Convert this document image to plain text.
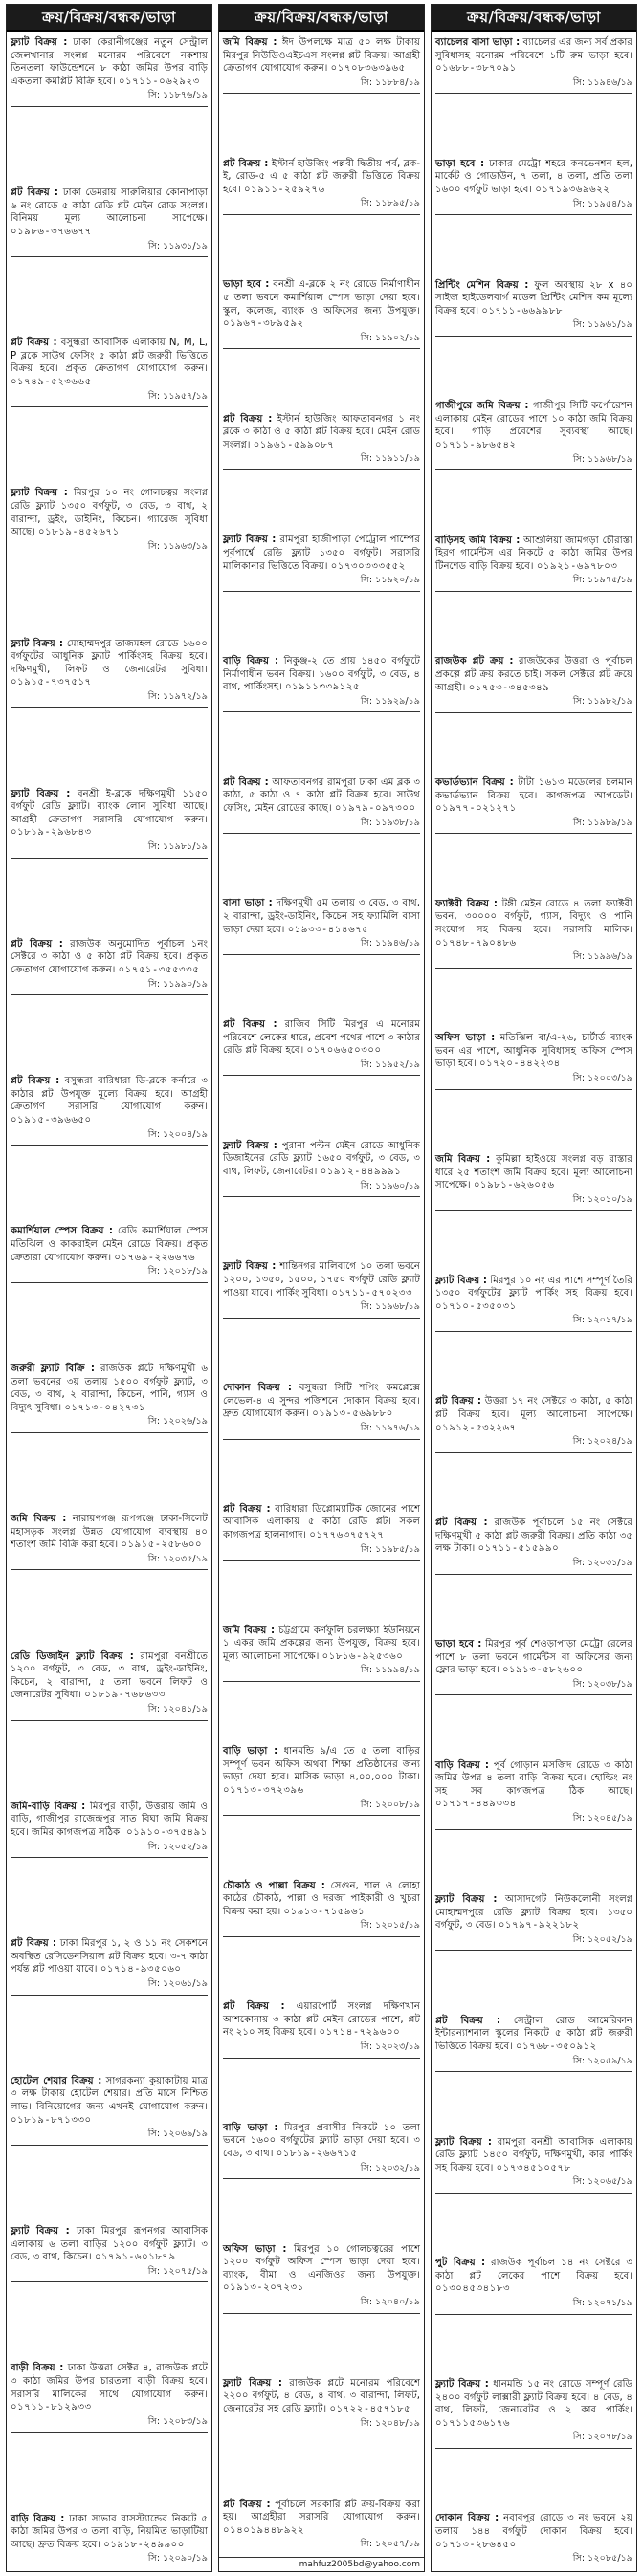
ক্রয়/বিক্রয়/বন্ধক/ভাড়া
ফ্ল্যাট বিক্রয় : ঢাকা কেরানীগঞ্জের নতুন সেন্ট্রাল জেলখানার সংলগ্ন মনোরম পরিবেশে নকশায় তিনতলা ফাউন্ডেশনে ৮ কাঠা জমির উপর বাড়ি একতলা কমপ্লিট বিক্রি হবে। ০১৭১১-০৬২৯২৩
সি: ১১৮৭৬/১৯
প্লট বিক্রয় : ঢাকা ডেমরায় সারুলিয়ার কোনাপাড়া ৬ নং রোডে ৫ কাঠা রেডি প্লট মেইন রোড সংলগ্ন। বিনিময় মূল্য আলোচনা সাপেক্ষে। ০১৯৮৬-৩৭৬৬৭৭
সি: ১১৯৩১/১৯
প্লট বিক্রয় : বসুন্ধরা আবাসিক এলাকায় N, M, L, P ব্লকে সাউথ ফেসিং ৫ কাঠা প্লট জরুরী ভিত্তিতে বিক্রয় হবে। প্রকৃত ক্রেতাগণ যোগাযোগ করুন। ০১৭৪৯-৫২৩৬৬৫
সি: ১১৯৫৭/১৯
ফ্ল্যাট বিক্রয় : মিরপুর ১০ নং গোলচত্বর সংলগ্ন রেডি ফ্ল্যাট ১৩৫০ বর্গফুট, ৩ বেড, ৩ বাথ, ২ বারান্দা, ড্রইং, ডাইনিং, কিচেন। গ্যারেজ সুবিধা আছে। ০১৮১৯-৪৫২৬৭১
সি: ১১৯৬৩/১৯
ফ্ল্যাট বিক্রয় : মোহাম্মদপুর তাজমহল রোডে ১৬০০ বর্গফুটের আধুনিক ফ্ল্যাট পার্কিংসহ বিক্রয় হবে। দক্ষিণমুখী, লিফট ও জেনারেটর সুবিধা। ০১৯১৫-৭৩৭৫১৭
সি: ১১৯৭২/১৯
ফ্ল্যাট বিক্রয় : বনশ্রী ই-ব্লকে দক্ষিণমুখী ১১৫০ বর্গফুট রেডি ফ্ল্যাট। ব্যাংক লোন সুবিধা আছে। আগ্রহী ক্রেতাগণ সরাসরি যোগাযোগ করুন। ০১৮১৯-২৯৬৮৪৩
সি: ১১৯৮১/১৯
প্লট বিক্রয় : রাজউক অনুমোদিত পূর্বাচল ১নং সেক্টরে ৩ কাঠা ও ৫ কাঠা প্লট বিক্রয় হবে। প্রকৃত ক্রেতাগণ যোগাযোগ করুন। ০১৭৫১-৩৫৫৩৩৫
সি: ১১৯৯০/১৯
প্লট বিক্রয় : বসুন্ধরা বারিধারা ডি-ব্লকে কর্নারে ৩ কাঠার প্লট উপযুক্ত মূল্যে বিক্রয় হবে। আগ্রহী ক্রেতাগণ সরাসরি যোগাযোগ করুন। ০১৯১৫-৩৯৬৬৫০
সি: ১২০০৪/১৯
কমার্শিয়াল স্পেস বিক্রয় : রেডি কমার্শিয়াল স্পেস মতিঝিল ও কাকরাইল মেইন রোডে বিক্রয়। প্রকৃত ক্রেতারা যোগাযোগ করুন। ০১৭৬৯-২২৬৬৭৬
সি: ১২০১৮/১৯
জরুরী ফ্ল্যাট বিক্রি : রাজউক প্লটে দক্ষিণমুখী ৬ তলা ভবনের ৩য় তলায় ১৫০০ বর্গফুট ফ্ল্যাট, ৩ বেড, ৩ বাথ, ২ বারান্দা, কিচেন, পানি, গ্যাস ও বিদ্যুৎ সুবিধা। ০১৭১৩-০৪২৭৩১
সি: ১২০২৬/১৯
জমি বিক্রয় : নারায়ণগঞ্জ রূপগঞ্জে ঢাকা-সিলেট মহাসড়ক সংলগ্ন উন্নত যোগাযোগ ব্যবস্থায় ৪০ শতাংশ জমি বিক্রি করা হবে। ০১৯১৫-২৫৮৬০০
সি: ১২০৩৫/১৯
রেডি ডিজাইন ফ্ল্যাট বিক্রয় : রামপুরা বনশ্রীতে ১২০০ বর্গফুট, ৩ বেড, ৩ বাথ, ড্রইং-ডাইনিং, কিচেন, ২ বারান্দা, ৫ তলা ভবনে লিফট ও জেনারেটর সুবিধা। ০১৮১৯-৭৬৮৬৩৩
সি: ১২০৪১/১৯
জমি-বাড়ি বিক্রয় : মিরপুর বাড়ী, উত্তরায় জমি ও বাড়ি, গাজীপুর রাজেন্দ্রপুর সাত বিঘা জমি বিক্রয় হবে। জমির কাগজপত্র সঠিক। ০১৯১০-৩৭৫৪৯১
সি: ১২০৫২/১৯
প্লট বিক্রয় : ঢাকা মিরপুর ১, ২ ও ১১ নং সেকশনে অবস্থিত রেসিডেনসিয়াল প্লট বিক্রয় হবে। ৩-৭ কাঠা পর্যন্ত প্লট পাওয়া যাবে। ০১৭১৪-৯৩৫০৬০
সি: ১২০৬১/১৯
হোটেল শেয়ার বিক্রয় : সাগরকন্যা কুয়াকাটায় মাত্র ৩ লক্ষ টাকায় হোটেল শেয়ার। প্রতি মাসে নিশ্চিত লাভ। বিনিয়োগের জন্য এখনই যোগাযোগ করুন। ০১৮১৯-৮৭১৩৩০
সি: ১২০৬৯/১৯
ফ্ল্যাট বিক্রয় : ঢাকা মিরপুর রূপনগর আবাসিক এলাকায় ৬ তলা বাড়ির ১২০০ বর্গফুট ফ্ল্যাট। ৩ বেড, ৩ বাথ, কিচেন। ০১৭৯১-৬০১৮৭৯
সি: ১২০৭৫/১৯
বাড়ী বিক্রয় : ঢাকা উত্তরা সেক্টর ৪, রাজউক প্লটে ৩ কাঠা জমির উপর চারতলা বাড়ী বিক্রয় হবে। সরাসরি মালিকের সাথে যোগাযোগ করুন। ০১৭১১-৮১২৯৩৩
সি: ১২০৮৩/১৯
বাড়ি বিক্রয় : ঢাকা সাভার বাসস্ট্যান্ডের নিকটে ৫ কাঠা জমির উপর ৩ তলা বাড়ি, নিয়মিত ভাড়াটিয়া আছে। দ্রুত বিক্রয় হবে। ০১৯১৮-২৪৯৯০০
সি: ১২০৯০/১৯
ক্রয়/বিক্রয়/বন্ধক/ভাড়া
জমি বিক্রয় : ঈদ উপলক্ষে মাত্র ৫০ লক্ষ টাকায় মিরপুর নিউডিওএইচএস সংলগ্ন প্লট বিক্রয়। আগ্রহী ক্রেতাগণ যোগাযোগ করুন। ০১৭০৮৩৬৩৯৬৫
সি: ১১৮৮৪/১৯
প্লট বিক্রয় : ইস্টার্ন হাউজিং পল্লবী দ্বিতীয় পর্ব, ব্লক-ই, রোড-৫ এ ৫ কাঠা প্লট জরুরী ভিত্তিতে বিক্রয় হবে। ০১৯১১-২৫৯২৭৬
সি: ১১৮৯৫/১৯
ভাড়া হবে : বনশ্রী এ-ব্লকে ২ নং রোডে নির্মাণাধীন ৫ তলা ভবনে কমার্শিয়াল স্পেস ভাড়া দেয়া হবে। স্কুল, কলেজ, ব্যাংক ও অফিসের জন্য উপযুক্ত। ০১৯৬৭-৩৮৯৫৯২
সি: ১১৯০২/১৯
প্লট বিক্রয় : ইস্টার্ন হাউজিং আফতাবনগর ১ নং ব্লকে ৩ কাঠা ও ৫ কাঠা প্লট বিক্রয় হবে। মেইন রোড সংলগ্ন। ০১৯৬১-৫৯৯০৮৭
সি: ১১৯১১/১৯
ফ্ল্যাট বিক্রয় : রামপুরা হাজীপাড়া পেট্রোল পাম্পের পূর্বপার্শ্বে রেডি ফ্ল্যাট ১৩৫০ বর্গফুট। সরাসরি মালিকানার ভিত্তিতে বিক্রয়। ০১৭৩০৩৩৩৫৫২
সি: ১১৯২০/১৯
বাড়ি বিক্রয় : নিকুঞ্জ-২ তে প্রায় ১৪৫০ বর্গফুটে নির্মাণাধীন ভবন বিক্রয়। ১৬০০ বর্গফুট, ৩ বেড, ৪ বাথ, পার্কিংসহ। ০১৯১১৩৩৯১২৫
সি: ১১৯২৯/১৯
প্লট বিক্রয় : আফতাবনগর রামপুরা ঢাকা এম ব্লক ৩ কাঠা, ৫ কাঠা ও ৭ কাঠা প্লট বিক্রয় হবে। সাউথ ফেসিং, মেইন রোডের কাছে। ০১৯৭৯-০৯৭৩০০
সি: ১১৯৩৮/১৯
বাসা ভাড়া : দক্ষিণমুখী ৫ম তলায় ৩ বেড, ৩ বাথ, ২ বারান্দা, ড্রইং-ডাইনিং, কিচেন সহ ফ্যামিলি বাসা ভাড়া দেয়া হবে। ০১৯৩৩-৪১৪৬৭৫
সি: ১১৯৪৬/১৯
প্লট বিক্রয় : রাজিব সিটি মিরপুর এ মনোরম পরিবেশে লেকের ধারে, প্রবেশ পথের পাশে ৩ কাঠার রেডি প্লট বিক্রয় হবে। ০১৭০৬৬৫০৩০০
সি: ১১৯৫২/১৯
ফ্ল্যাট বিক্রয় : পুরানা পল্টন মেইন রোডে আধুনিক ডিজাইনের রেডি ফ্ল্যাট ১৬৫০ বর্গফুট, ৩ বেড, ৩ বাথ, লিফট, জেনারেটর। ০১৯১২-৪৪৯৯৯১
সি: ১১৯৬০/১৯
ফ্ল্যাট বিক্রয় : শান্তিনগর মালিবাগে ১০ তলা ভবনে ১২০০, ১৩৫০, ১৫০০, ১৭৫০ বর্গফুট রেডি ফ্ল্যাট পাওয়া যাবে। পার্কিং সুবিধা। ০১৭১১-৫৭০২৩৩
সি: ১১৯৬৮/১৯
দোকান বিক্রয় : বসুন্ধরা সিটি শপিং কমপ্লেক্সে লেভেল-৪ এ সুন্দর পজিশনে দোকান বিক্রয় হবে। দ্রুত যোগাযোগ করুন। ০১৯১৩-৫৬৯৮৮০
সি: ১১৯৭৬/১৯
প্লট বিক্রয় : বারিধারা ডিপ্লোম্যাটিক জোনের পাশে আবাসিক এলাকায় ৫ কাঠা রেডি প্লট। সকল কাগজপত্র হালনাগাদ। ০১৭৭৬৩৭৫৭২৭
সি: ১১৯৮৫/১৯
জমি বিক্রয় : চট্টগ্রামে কর্ণফুলি চরলক্ষ্যা ইউনিয়নে ১ একর জমি প্রকল্পের জন্য উপযুক্ত, বিক্রয় হবে। মূল্য আলোচনা সাপেক্ষে। ০১৮১৬-৯২৫৩৬০
সি: ১১৯৯৪/১৯
বাড়ি ভাড়া : ধানমন্ডি ৯/এ তে ৫ তলা বাড়ির সম্পূর্ণ ভবন অফিস অথবা শিক্ষা প্রতিষ্ঠানের জন্য ভাড়া দেয়া হবে। মাসিক ভাড়া ৪,০০,০০০ টাকা। ০১৭১৩-৩৭২৩৯৬
সি: ১২০০৮/১৯
চৌকাঠ ও পাল্লা বিক্রয় : সেগুন, শাল ও লোহা কাঠের চৌকাঠ, পাল্লা ও দরজা পাইকারী ও খুচরা বিক্রয় করা হয়। ০১৯১৩-৭১৫৯৬১
সি: ১২০১৫/১৯
প্লট বিক্রয় : এয়ারপোর্ট সংলগ্ন দক্ষিণখান আশকোনায় ৩ কাঠা প্লট মেইন রোডের পাশে, প্লট নং ২১০ সহ বিক্রয় হবে। ০১৭১৪-৭২৯৬০০
সি: ১২০২৩/১৯
বাড়ি ভাড়া : মিরপুর প্রবাসীর নিকটে ১০ তলা ভবনে ১৬০০ বর্গফুটের ফ্ল্যাট ভাড়া দেয়া হবে। ৩ বেড, ৩ বাথ। ০১৮১৯-২৬৬৭১৫
সি: ১২০৩২/১৯
অফিস ভাড়া : মিরপুর ১০ গোলচত্বরের পাশে ১২০০ বর্গফুট অফিস স্পেস ভাড়া দেয়া হবে। ব্যাংক, বীমা ও এনজিওর জন্য উপযুক্ত। ০১৯১৩-২০৭২৩১
সি: ১২০৪০/১৯
ফ্ল্যাট বিক্রয় : রাজউক প্লটে মনোরম পরিবেশে ২২০০ বর্গফুট, ৪ বেড, ৪ বাথ, ৩ বারান্দা, লিফট, জেনারেটর সহ রেডি ফ্ল্যাট। ০১৭২২-৪৫৭১৮৫
সি: ১২০৪৮/১৯
প্লট বিক্রয় : পূর্বাচলে সরকারি প্লট ক্রয়-বিক্রয় করা হয়। আগ্রহীরা সরাসরি যোগাযোগ করুন। ০১৪০১৯৪৪৮৯২২
সি: ১২০৫৭/১৯
mahfuz2005bd@yahoo.com
ক্রয়/বিক্রয়/বন্ধক/ভাড়া
ব্যাচেলর বাসা ভাড়া : ব্যাচেলর এর জন্য সর্ব প্রকার সুবিধাসহ মনোরম পরিবেশে ১টি রুম ভাড়া হবে। ০১৬৮৮-৩৮৭০৯১
সি: ১১৯৪৬/১৯
ভাড়া হবে : ঢাকার মেট্রো শহরে কনভেনশন হল, মার্কেট ও গোডাউন, ৭ তলা, ৪ তলা, প্রতি তলা ১৬০০ বর্গফুট ভাড়া হবে। ০১৭১৯৩৬৯৬২২
সি: ১১৯৫৪/১৯
প্রিন্টিং মেশিন বিক্রয় : ফুল অবস্থায় ২৮ x ৪০ সাইজ হাইডেলবার্গ মডেল প্রিন্টিং মেশিন কম মূল্যে বিক্রয় হবে। ০১৭১১-৬৬৯৯৮৮
সি: ১১৯৬১/১৯
গাজীপুরে জমি বিক্রয় : গাজীপুর সিটি কর্পোরেশন এলাকায় মেইন রোডের পাশে ১০ কাঠা জমি বিক্রয় হবে। গাড়ি প্রবেশের সুব্যবস্থা আছে। ০১৭১১-৯৮৬৫৪২
সি: ১১৯৬৮/১৯
বাড়িসহ জমি বিক্রয় : আশুলিয়া জামগড়া চৌরাস্তা হিরণ গার্মেন্টস এর নিকটে ৫ কাঠা জমির উপর টিনশেড বাড়ি বিক্রয় হবে। ০১৯২১-৬৯৭৮০৩
সি: ১১৯৭৫/১৯
রাজউক প্লট ক্রয় : রাজউকের উত্তরা ও পূর্বাচল প্রকল্পে প্লট ক্রয় করতে চাই। সকল সেক্টরে প্লট ক্রয়ে আগ্রহী। ০১৭৫৩-৩৪৫৩৪৯
সি: ১১৯৮২/১৯
কভার্ডভ্যান বিক্রয় : টাটা ১৬১৩ মডেলের চলমান কভার্ডভ্যান বিক্রয় হবে। কাগজপত্র আপডেট। ০১৯৭৭-০২১২৭১
সি: ১১৯৮৯/১৯
ফ্যাক্টরী বিক্রয় : টঙ্গী মেইন রোডে ৪ তলা ফ্যাক্টরী ভবন, ৩০০০০ বর্গফুট, গ্যাস, বিদ্যুৎ ও পানি সংযোগ সহ বিক্রয় হবে। সরাসরি মালিক। ০১৭৪৮-৭৯০৪৮৬
সি: ১১৯৯৬/১৯
অফিস ভাড়া : মতিঝিল বা/এ-২৬, চার্টার্ড ব্যাংক ভবন এর পাশে, আধুনিক সুবিধাসহ অফিস স্পেস ভাড়া হবে। ০১৭২০-৪৪২২৩৪
সি: ১২০০৩/১৯
জমি বিক্রয় : কুমিল্লা হাইওয়ে সংলগ্ন বড় রাস্তার ধারে ২৫ শতাংশ জমি বিক্রয় হবে। মূল্য আলোচনা সাপেক্ষে। ০১৯৮১-৬২৬০৫৬
সি: ১২০১০/১৯
ফ্ল্যাট বিক্রয় : মিরপুর ১০ নং এর পাশে সম্পূর্ণ তৈরি ১৩৫০ বর্গফুটের ফ্ল্যাট পার্কিং সহ বিক্রয় হবে। ০১৭১০-৫৩৫০৩১
সি: ১২০১৭/১৯
প্লট বিক্রয় : উত্তরা ১৭ নং সেক্টরে ৩ কাঠা, ৫ কাঠা প্লট বিক্রয় হবে। মূল্য আলোচনা সাপেক্ষে। ০১৯১২-৫৩২২৬৭
সি: ১২০২৪/১৯
প্লট বিক্রয় : রাজউক পূর্বাচলে ১৫ নং সেক্টরে দক্ষিণমুখী ৫ কাঠা প্লট জরুরী বিক্রয়। প্রতি কাঠা ৩৫ লক্ষ টাকা। ০১৭১১-৫১৫৯৯০
সি: ১২০৩১/১৯
ভাড়া হবে : মিরপুর পূর্ব শেওড়াপাড়া মেট্রো রেলের পাশে ৮ তলা ভবনে গার্মেন্টস বা অফিসের জন্য ফ্লোর ভাড়া হবে। ০১৯১৩-৫৮২৬০০
সি: ১২০৩৮/১৯
বাড়ি বিক্রয় : পূর্ব গোড়ান মসজিদ রোডে ৩ কাঠা জমির উপর ৪ তলা বাড়ি বিক্রয় হবে। হোল্ডিং নং সহ সব কাগজপত্র ঠিক আছে। ০১৭১৭-৪৪৯৩৩৪
সি: ১২০৪৫/১৯
ফ্ল্যাট বিক্রয় : আসাদগেট নিউকলোনী সংলগ্ন মোহাম্মদপুরে রেডি ফ্ল্যাট বিক্রয় হবে। ১৩৫০ বর্গফুট, ৩ বেড। ০১৭৯৭-৯২২১৮২
সি: ১২০৫২/১৯
প্লট বিক্রয় : সেন্ট্রাল রোড আমেরিকান ইন্টারন্যাশনাল স্কুলের নিকটে ৫ কাঠা প্লট জরুরী ভিত্তিতে বিক্রয় হবে। ০১৭৬৮-৩৫০৯১২
সি: ১২০৫৯/১৯
ফ্ল্যাট বিক্রয় : রামপুরা বনশ্রী আবাসিক এলাকায় রেডি ফ্ল্যাট ১৪৫০ বর্গফুট, দক্ষিণমুখী, কার পার্কিং সহ বিক্রয় হবে। ০১৭৩৪৫১০৫৭৮
সি: ১২০৬৫/১৯
পুট বিক্রয় : রাজউক পূর্বাচল ১৪ নং সেক্টরে ৩ কাঠা প্লট লেকের পাশে বিক্রয় হবে। ০১৩০৪৫৩৪১৮৩
সি: ১২০৭১/১৯
ফ্ল্যাট বিক্রয় : ধানমন্ডি ১৫ নং রোডে সম্পূর্ণ রেডি ২৪০০ বর্গফুট লাক্সারী ফ্ল্যাট বিক্রয় হবে। ৪ বেড, ৪ বাথ, লিফট, জেনারেটর ও ২ কার পার্কিং। ০১৭১১৫৩৬১৭৬
সি: ১২০৭৮/১৯
দোকান বিক্রয় : নবাবপুর রোডে ৩ নং ভবনে ২য় তলায় ১৪৪ বর্গফুট দোকান বিক্রয় হবে। ০১৭১৩-২৮৬৪৫০
সি: ১২০৮৫/১৯
